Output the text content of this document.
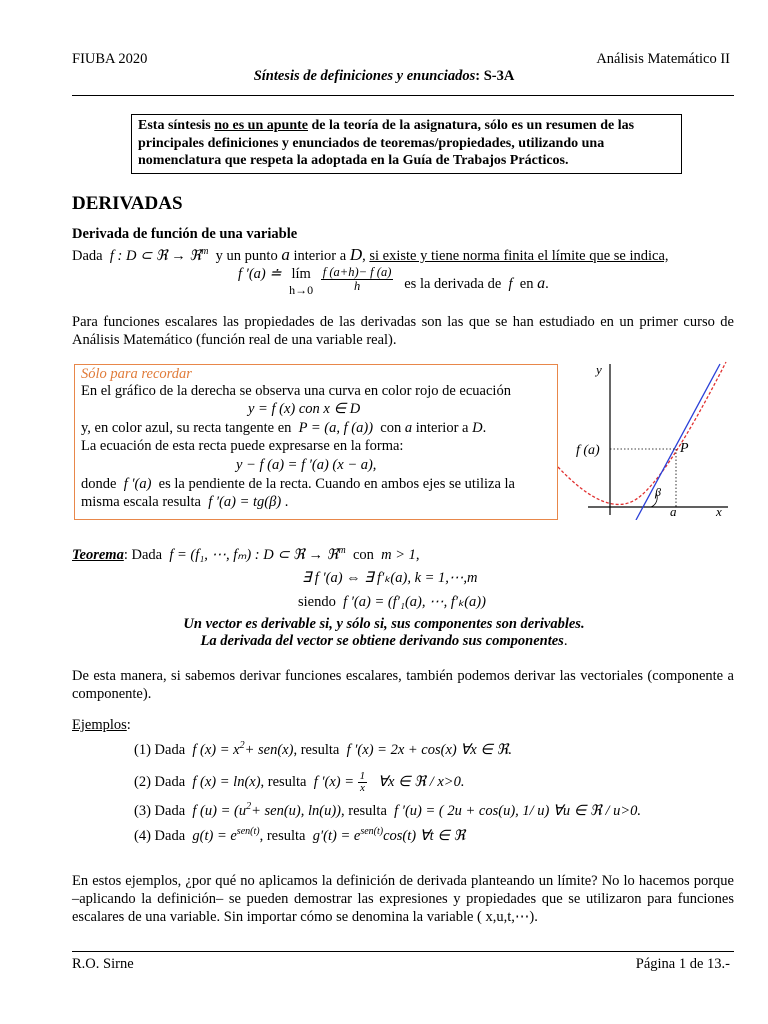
FIUBA 2020	Análisis Matemático II
Síntesis de definiciones y enunciados: S-3A
Esta síntesis no es un apunte de la teoría de la asignatura, sólo es un resumen de las principales definiciones y enunciados de teoremas/propiedades, utilizando una nomenclatura que respeta la adoptada en la Guía de Trabajos Prácticos.
DERIVADAS
Derivada de función de una variable
Dada f : D ⊂ ℜ → ℜ$^m$ y un punto a interior a D, si existe y tiene norma finita el límite que se indica,
f ′(a) ≐ lím
$h\to 0 \frac{f (a+h)- f (a)}{h}$ es la derivada de f en a.
Para funciones escalares las propiedades de las derivadas son las que se han estudiado en un primer curso de Análisis Matemático (función real de una variable real).
Sólo para recordar
En el gráfico de la derecha se observa una curva en color rojo de ecuación
y = f (x) con x ∈ D
y, en color azul, su recta tangente en P = (a, f (a)) con a interior a D.
La ecuación de esta recta puede expresarse en la forma:
y − f (a) = f ′(a) (x − a),
donde f ′(a) es la pendiente de la recta. Cuando en ambos ejes se utiliza la
misma escala resulta f ′(a) = tg(β) .
y
x
f (a)	P
β
a
Teorema: Dada f = (f₁, ⋯, fₘ) : D ⊂ ℜ → ℜ$^m$ con m > 1,
∃ f ′(a) ⇔ ∃ f′ₖ(a), k = 1,⋯,m
siendo f ′(a) = (f′₁(a), ⋯, f′ₖ(a))
Un vector es derivable si, y sólo si, sus componentes son derivables.
La derivada del vector se obtiene derivando sus componentes.
De esta manera, si sabemos derivar funciones escalares, también podemos derivar las vectoriales (componente a componente).
Ejemplos:
(1) Dada f $(x) = x^2+ sen(x)$, resulta f ′(x) = 2x + cos(x) ∀x ∈ ℜ.
(2) Dada f (x) = ln(x), resulta f $'(x) = \frac{1}{x}$ ∀x ∈ ℜ / x>0.
(3) Dada f $(u) = (u^2+ sen(u)$, ln(u)), resulta f ′(u) = ( 2u + cos(u), 1/ u) ∀u ∈ ℜ / u>0.
(4) Dada $g(t) = e^{sen(t)}$, resulta $g'(t) = e^{sen(t)}\cos(t)$ ∀t ∈ ℜ
En estos ejemplos, ¿por qué no aplicamos la definición de derivada planteando un límite? No lo hacemos porque –aplicando la definición– se pueden demostrar las expresiones y propiedades que se utilizaron para funciones escalares de una variable. Sin importar cómo se denomina la variable ( x,u,t,⋯).
R.O. Sirne	Página 1 de 13.-
